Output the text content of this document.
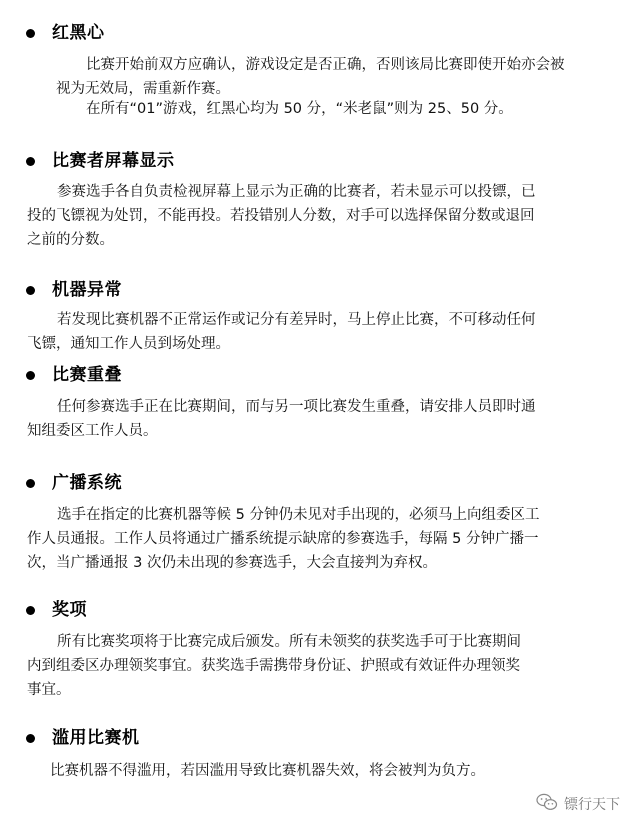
红黑心
比赛开始前双方应确认，游戏设定是否正确，否则该局比赛即使开始亦会被
视为无效局，需重新作赛。
在所有“01”游戏，红黑心均为 50 分，“米老鼠”则为 25、50 分。
比赛者屏幕显示
参赛选手各自负责检视屏幕上显示为正确的比赛者，若未显示可以投镖，已
投的飞镖视为处罚，不能再投。若投错别人分数，对手可以选择保留分数或退回
之前的分数。
机器异常
若发现比赛机器不正常运作或记分有差异时，马上停止比赛，不可移动任何
飞镖，通知工作人员到场处理。
比赛重叠
任何参赛选手正在比赛期间，而与另一项比赛发生重叠，请安排人员即时通
知组委区工作人员。
广播系统
选手在指定的比赛机器等候 5 分钟仍未见对手出现的，必须马上向组委区工
作人员通报。工作人员将通过广播系统提示缺席的参赛选手，每隔 5 分钟广播一
次，当广播通报 3 次仍未出现的参赛选手，大会直接判为弃权。
奖项
所有比赛奖项将于比赛完成后颁发。所有未领奖的获奖选手可于比赛期间
内到组委区办理领奖事宜。获奖选手需携带身份证、护照或有效证件办理领奖
事宜。
滥用比赛机
比赛机器不得滥用，若因滥用导致比赛机器失效，将会被判为负方。
镖行天下
